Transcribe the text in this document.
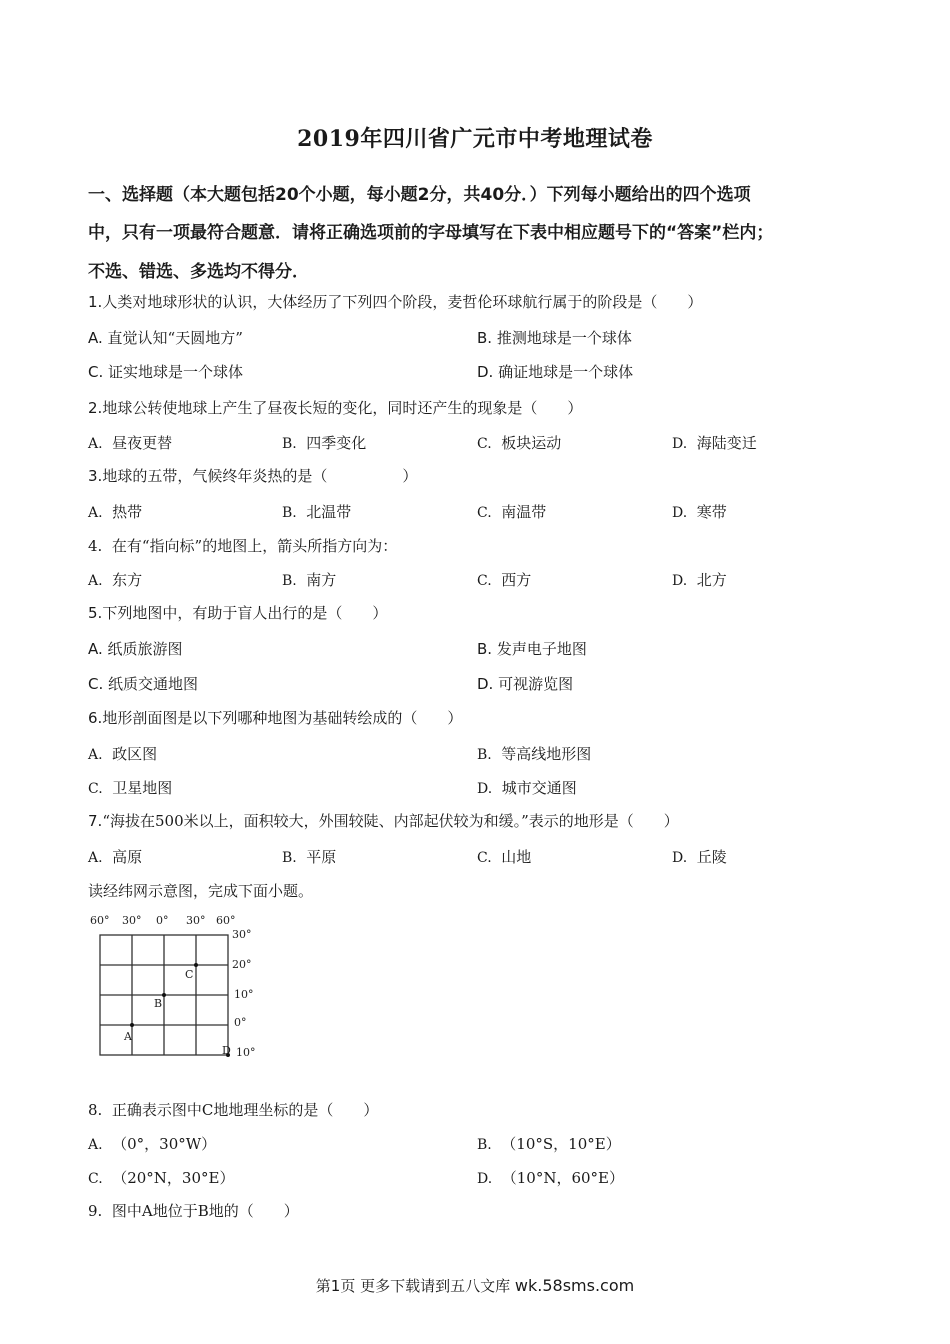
2019年四川省广元市中考地理试卷
一、选择题（本大题包括20个小题，每小题2分，共40分．）下列每小题给出的四个选项
中，只有一项最符合题意．请将正确选项前的字母填写在下表中相应题号下的“答案”栏内；
不选、错选、多选均不得分．
1.人类对地球形状的认识，大体经历了下列四个阶段，麦哲伦环球航行属于的阶段是（　　）
A. 直觉认知“天圆地方”	B. 推测地球是一个球体
C. 证实地球是一个球体	D. 确证地球是一个球体
2.地球公转使地球上产生了昼夜长短的变化，同时还产生的现象是（　　）
A. 昼夜更替	B. 四季变化	C. 板块运动	D. 海陆变迁
3.地球的五带，气候终年炎热的是（　　　　　）
A. 热带	B. 北温带	C. 南温带	D. 寒带
4. 在有“指向标”的地图上，箭头所指方向为：
A. 东方	B. 南方	C. 西方	D. 北方
5.下列地图中，有助于盲人出行的是（　　）
A. 纸质旅游图	B. 发声电子地图
C. 纸质交通地图	D. 可视游览图
6.地形剖面图是以下列哪种地图为基础转绘成的（　　）
A. 政区图	B. 等高线地形图
C. 卫星地图	D. 城市交通图
7.“海拔在500米以上，面积较大，外围较陡、内部起伏较为和缓。”表示的地形是（　　）
A. 高原	B. 平原	C. 山地	D. 丘陵
读经纬网示意图，完成下面小题。
60° 30° 0° 30° 60°
30°
20°
10°
0°
10°
A
B
C
D
8. 正确表示图中C地地理坐标的是（　　）
A. （0°，30°W）	B. （10°S，10°E）
C. （20°N，30°E）	D. （10°N，60°E）
9. 图中A地位于B地的（　　）
第1页 更多下载请到五八文库 wk.58sms.com
